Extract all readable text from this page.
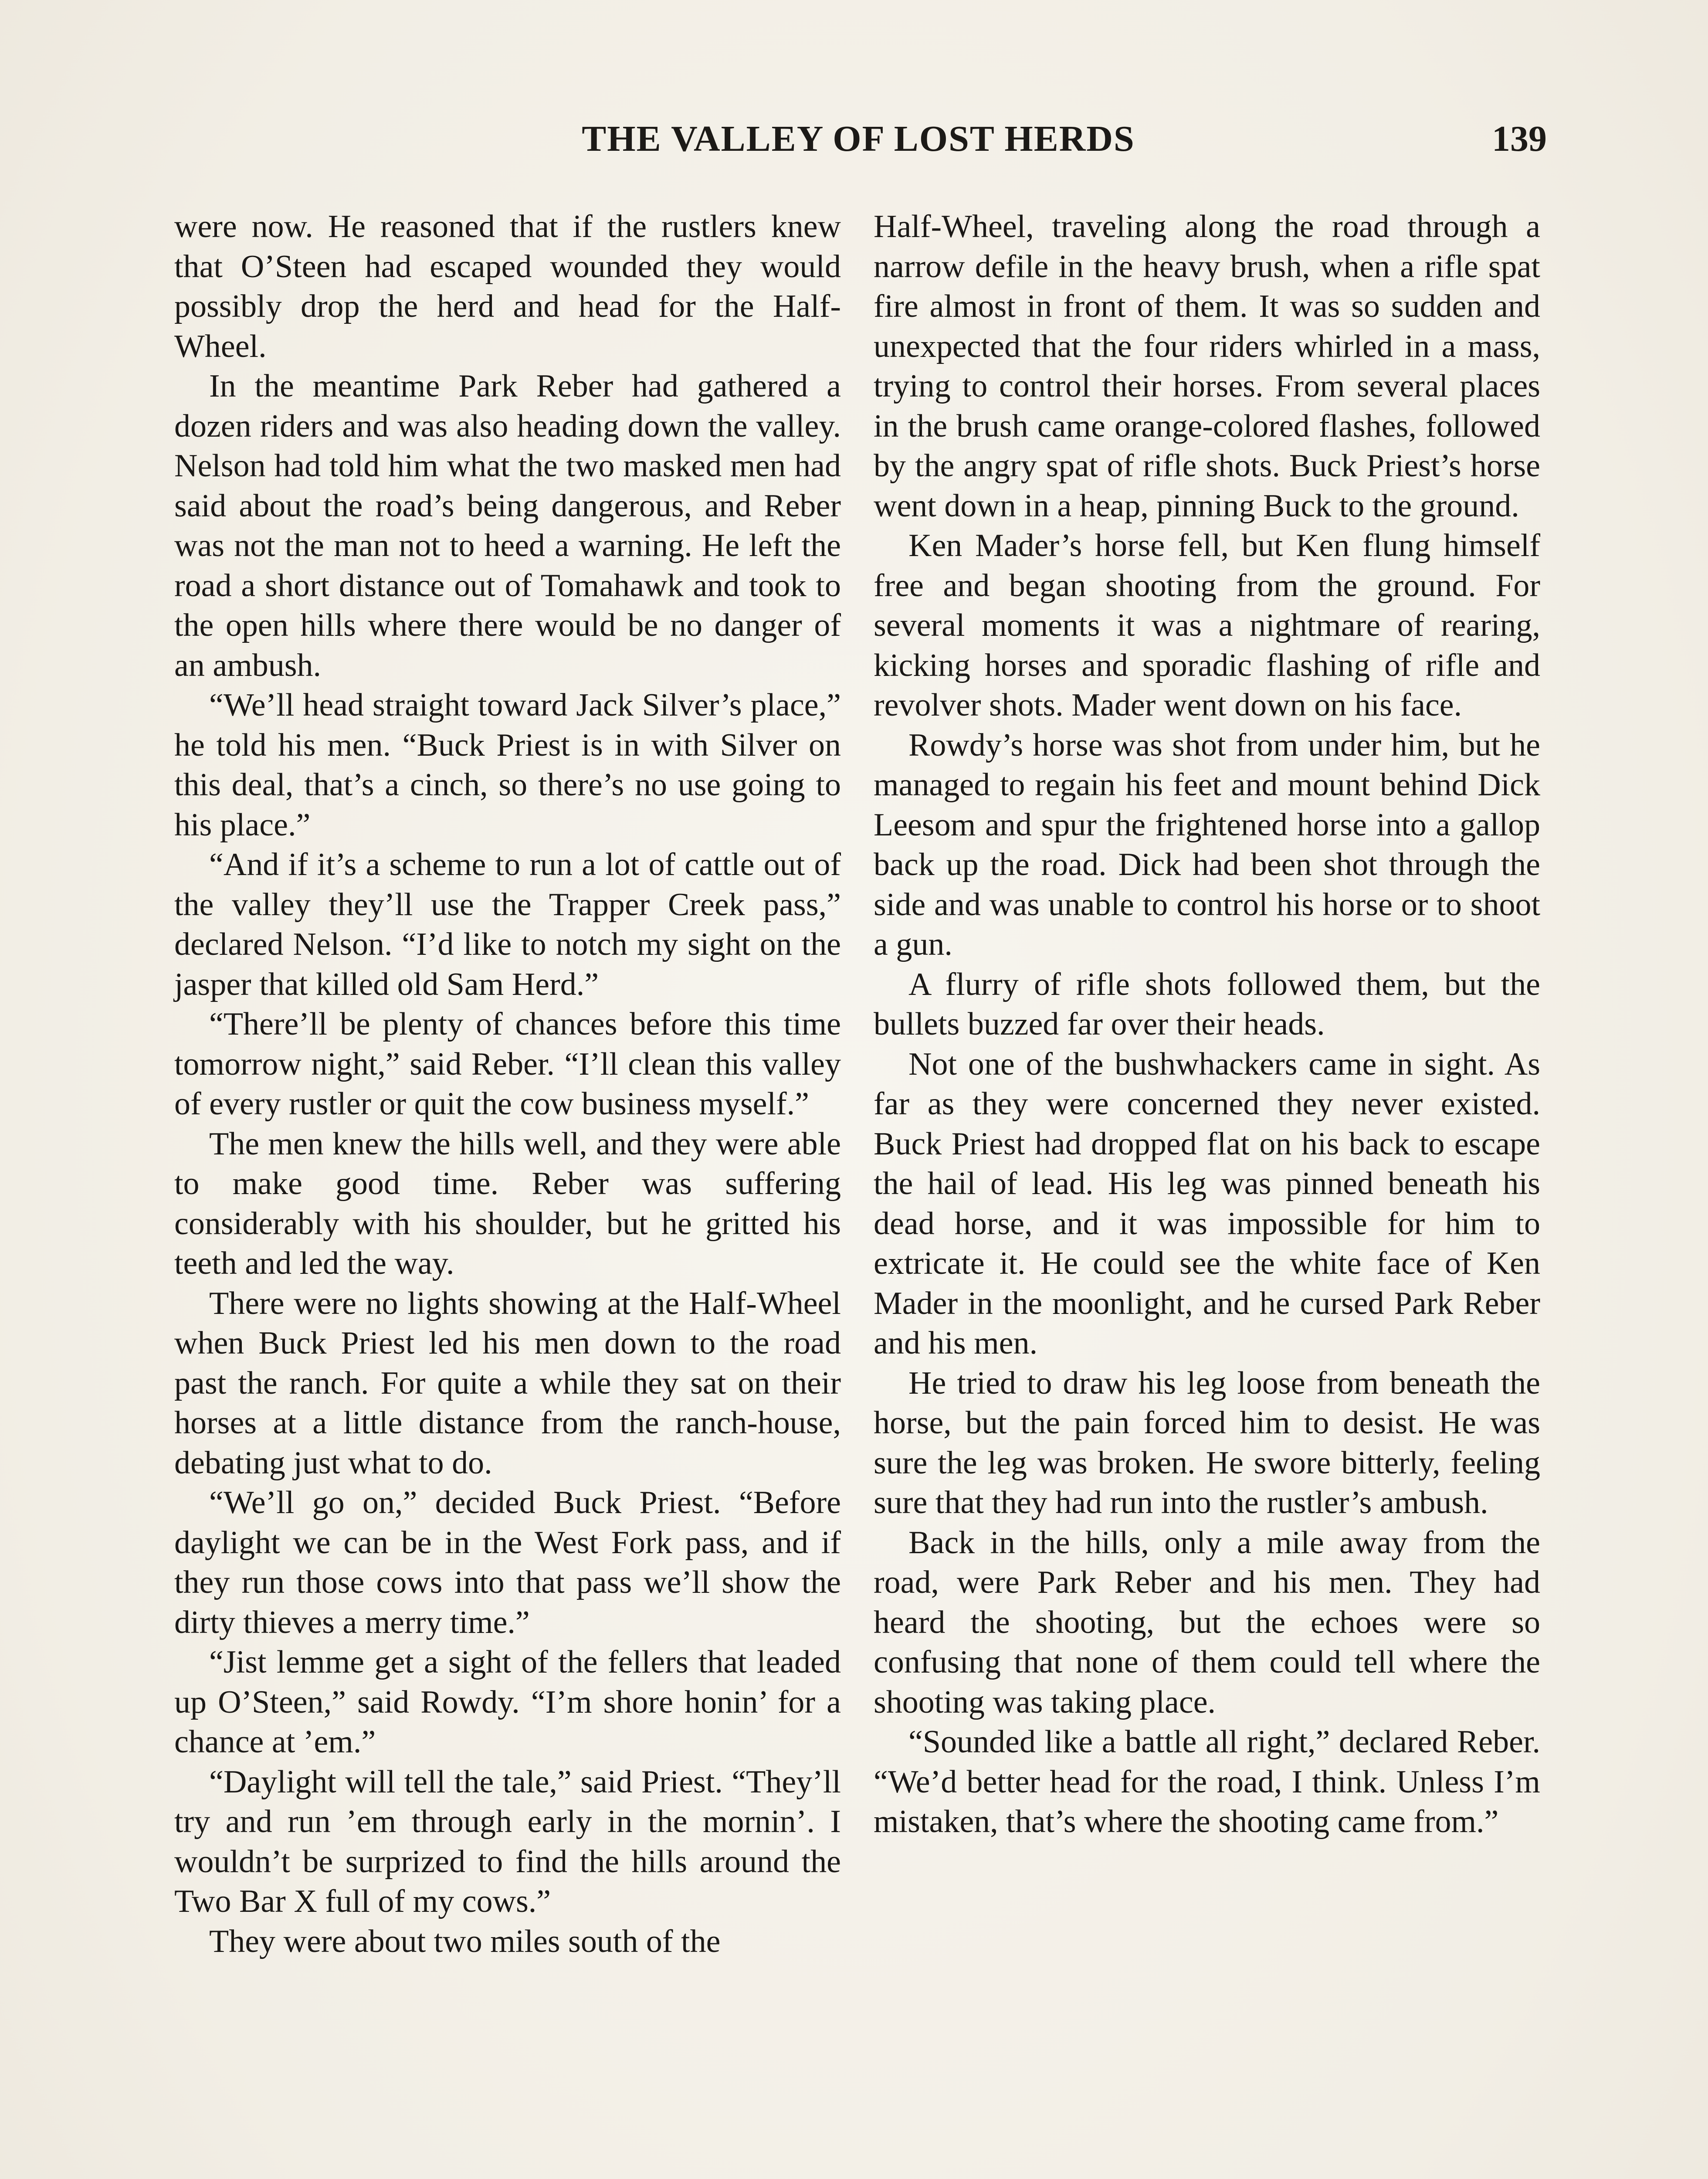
THE VALLEY OF LOST HERDS	139

were now. He reasoned that if the rustlers knew that O’Steen had escaped wounded they would possibly drop the herd and head for the Half-Wheel.

In the meantime Park Reber had gathered a dozen riders and was also heading down the valley. Nelson had told him what the two masked men had said about the road’s being dangerous, and Reber was not the man not to heed a warning. He left the road a short distance out of Tomahawk and took to the open hills where there would be no danger of an ambush.

“We’ll head straight toward Jack Silver’s place,” he told his men. “Buck Priest is in with Silver on this deal, that’s a cinch, so there’s no use going to his place.”

“And if it’s a scheme to run a lot of cattle out of the valley they’ll use the Trapper Creek pass,” declared Nelson. “I’d like to notch my sight on the jasper that killed old Sam Herd.”

“There’ll be plenty of chances before this time tomorrow night,” said Reber. “I’ll clean this valley of every rustler or quit the cow business myself.”

The men knew the hills well, and they were able to make good time. Reber was suffering considerably with his shoulder, but he gritted his teeth and led the way.

There were no lights showing at the Half-Wheel when Buck Priest led his men down to the road past the ranch. For quite a while they sat on their horses at a little distance from the ranch-house, debating just what to do.

“We’ll go on,” decided Buck Priest. “Before daylight we can be in the West Fork pass, and if they run those cows into that pass we’ll show the dirty thieves a merry time.”

“Jist lemme get a sight of the fellers that leaded up O’Steen,” said Rowdy. “I’m shore honin’ for a chance at ’em.”

“Daylight will tell the tale,” said Priest. “They’ll try and run ’em through early in the mornin’. I wouldn’t be surprized to find the hills around the Two Bar X full of my cows.”

They were about two miles south of the

Half-Wheel, traveling along the road through a narrow defile in the heavy brush, when a rifle spat fire almost in front of them. It was so sudden and unexpected that the four riders whirled in a mass, trying to control their horses. From several places in the brush came orange-colored flashes, followed by the angry spat of rifle shots. Buck Priest’s horse went down in a heap, pinning Buck to the ground.

Ken Mader’s horse fell, but Ken flung himself free and began shooting from the ground. For several moments it was a nightmare of rearing, kicking horses and sporadic flashing of rifle and revolver shots. Mader went down on his face.

Rowdy’s horse was shot from under him, but he managed to regain his feet and mount behind Dick Leesom and spur the frightened horse into a gallop back up the road. Dick had been shot through the side and was unable to control his horse or to shoot a gun.

A flurry of rifle shots followed them, but the bullets buzzed far over their heads.

Not one of the bushwhackers came in sight. As far as they were concerned they never existed. Buck Priest had dropped flat on his back to escape the hail of lead. His leg was pinned beneath his dead horse, and it was impossible for him to extricate it. He could see the white face of Ken Mader in the moonlight, and he cursed Park Reber and his men.

He tried to draw his leg loose from beneath the horse, but the pain forced him to desist. He was sure the leg was broken. He swore bitterly, feeling sure that they had run into the rustler’s ambush.

Back in the hills, only a mile away from the road, were Park Reber and his men. They had heard the shooting, but the echoes were so confusing that none of them could tell where the shooting was taking place.

“Sounded like a battle all right,” declared Reber. “We’d better head for the road, I think. Unless I’m mistaken, that’s where the shooting came from.”
